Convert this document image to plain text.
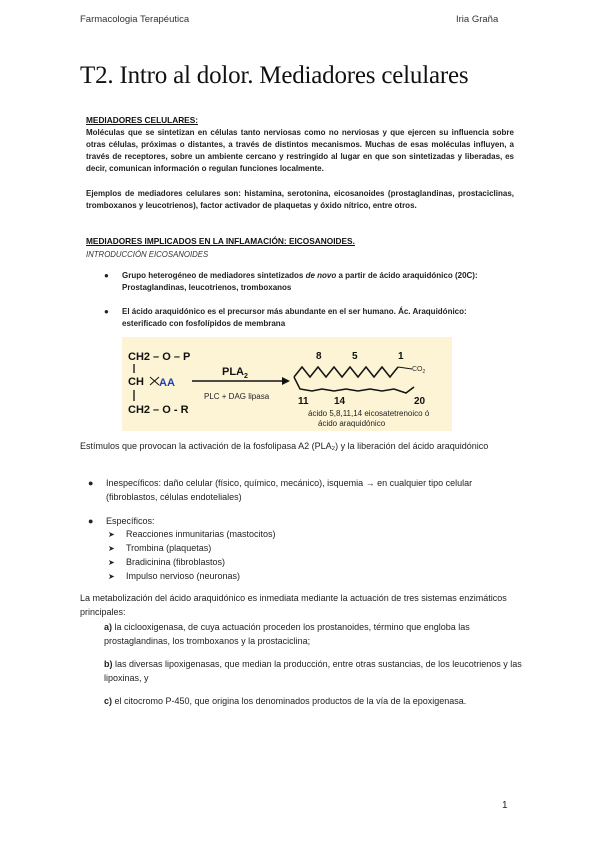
Farmacologia Terapéutica	Iria Graña
T2. Intro al dolor. Mediadores celulares
MEDIADORES CELULARES:

Moléculas que se sintetizan en células tanto nerviosas como no nerviosas y que ejercen su influencia sobre otras células, próximas o distantes, a través de distintos mecanismos. Muchas de esas moléculas influyen, a través de receptores, sobre un ambiente cercano y restringido al lugar en que son sintetizadas y liberadas, es decir, comunican información o regulan funciones localmente.

Ejemplos de mediadores celulares son: histamina, serotonina, eicosanoides (prostaglandinas, prostaciclinas, tromboxanos y leucotrienos), factor activador de plaquetas y óxido nítrico, entre otros.

MEDIADORES IMPLICADOS EN LA INFLAMACIÓN: EICOSANOIDES.
INTRODUCCIÓN EICOSANOIDES
● Grupo heterogéneo de mediadores sintetizados de novo a partir de ácido araquidónico (20C): Prostaglandinas, leucotrienos, tromboxanos
● El ácido araquidónico es el precursor más abundante en el ser humano. Ác. Araquidónico: esterificado con fosfolípidos de membrana
CH2 – O – P
CH AA
CH2 – O - R
$PLA_2$
PLC + DAG lipasa
8	5	1
$CO_2$
11	14	20
ácido 5,8,11,14 eicosatetrenoico ó
ácido araquidónico

Estímulos que provocan la activación de la fosfolipasa A2 (PLA₂) y la liberación del ácido araquidónico

● Inespecíficos: daño celular (físico, químico, mecánico), isquemia → en cualquier tipo celular (fibroblastos, células endoteliales)
● Específicos:
➤ Reacciones inmunitarias (mastocitos)
➤ Trombina (plaquetas)
➤ Bradicinina (fibroblastos)
➤ Impulso nervioso (neuronas)

La metabolización del ácido araquidónico es inmediata mediante la actuación de tres sistemas enzimáticos principales:

a) la ciclooxigenasa, de cuya actuación proceden los prostanoides, término que engloba las prostaglandinas, los tromboxanos y la prostaciclina;

b) las diversas lipoxigenasas, que median la producción, entre otras sustancias, de los leucotrienos y las lipoxinas, y

c) el citocromo P-450, que origina los denominados productos de la vía de la epoxigenasa.

1
